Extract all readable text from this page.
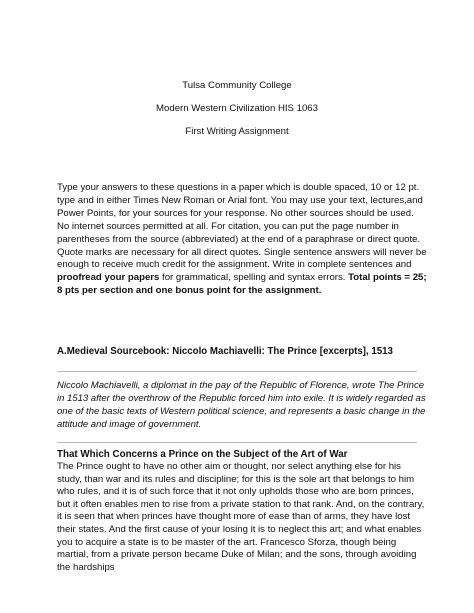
Tulsa Community College
Modern Western Civilization HIS 1063
First Writing Assignment
Type your answers to these questions in a paper which is double spaced, 10 or 12 pt. type and in either Times New Roman or Arial font. You may use your text, lectures,and Power Points, for your sources for your response. No other sources should be used. No internet sources permitted at all. For citation, you can put the page number in parentheses from the source (abbreviated) at the end of a paraphrase or direct quote. Quote marks are necessary for all direct quotes. Single sentence answers will never be enough to receive much credit for the assignment. Write in complete sentences and proofread your papers for grammatical, spelling and syntax errors. Total points = 25; 8 pts per section and one bonus point for the assignment.
A.Medieval Sourcebook: Niccolo Machiavelli: The Prince [excerpts], 1513
Niccolo Machiavelli, a diplomat in the pay of the Republic of Florence, wrote The Prince in 1513 after the overthrow of the Republic forced him into exile. It is widely regarded as one of the basic texts of Western political science, and represents a basic change in the attitude and image of government.
That Which Concerns a Prince on the Subject of the Art of War
The Prince ought to have no other aim or thought, nor select anything else for his study, than war and its rules and discipline; for this is the sole art that belongs to him who rules, and it is of such force that it not only upholds those who are born princes, but it often enables men to rise from a private station to that rank. And, on the contrary, it is seen that when princes have thought more of ease than of arms, they have lost their states. And the first cause of your losing it is to neglect this art; and what enables you to acquire a state is to be master of the art. Francesco Sforza, though being martial, from a private person became Duke of Milan; and the sons, through avoiding the hardships
